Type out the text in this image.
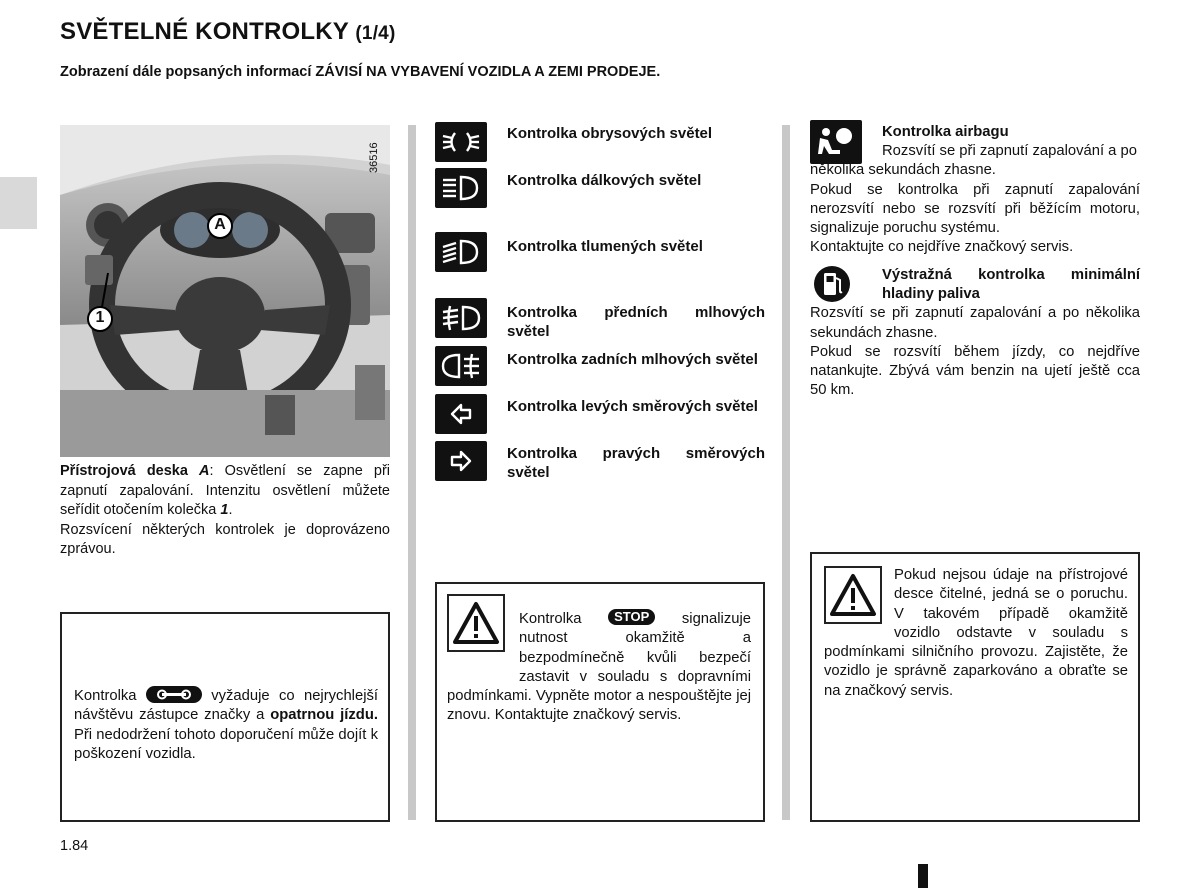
SVĚTELNÉ KONTROLKY (1/4)
Zobrazení dále popsaných informací ZÁVISÍ NA VYBAVENÍ VOZIDLA A ZEMI PRODEJE.
A
1
36516
Přístrojová deska A: Osvětlení se zapne při zapnutí zapalování. Intenzitu osvětlení můžete seřídit otočením kolečka 1.
Rozsvícení některých kontrolek je doprovázeno zprávou.
Kontrolka obrysových světel
Kontrolka dálkových světel
Kontrolka tlumených světel
Kontrolka předních mlhových světel
Kontrolka zadních mlhových světel
Kontrolka levých směrových světel
Kontrolka pravých směrových světel
Kontrolka airbagu
Rozsvítí se při zapnutí zapalování a po několika sekundách zhasne.
Pokud se kontrolka při zapnutí zapalování nerozsvítí nebo se rozsvítí při běžícím motoru, signalizuje poruchu systému.
Kontaktujte co nejdříve značkový servis.
Výstražná kontrolka minimální hladiny paliva
Rozsvítí se při zapnutí zapalování a po několika sekundách zhasne.
Pokud se rozsvítí během jízdy, co nejdříve natankujte. Zbývá vám benzin na ujetí ještě cca 50 km.
Kontrolka	vyžaduje co nejrychlejší návštěvu zástupce značky a opatrnou jízdu. Při nedodržení tohoto doporučení může dojít k poškození vozidla.
Kontrolka	STOP signalizuje nutnost okamžitě a bezpodmínečně kvůli bezpečí zastavit v souladu s dopravními podmínkami. Vypněte motor a nespouštějte jej znovu. Kontaktujte značkový servis.
Pokud nejsou údaje na přístrojové desce čitelné, jedná se o poruchu. V takovém případě okamžitě vozidlo odstavte v souladu s podmínkami silničního provozu. Zajistěte, že vozidlo je správně zaparkováno a obraťte se na značkový servis.
1.84
